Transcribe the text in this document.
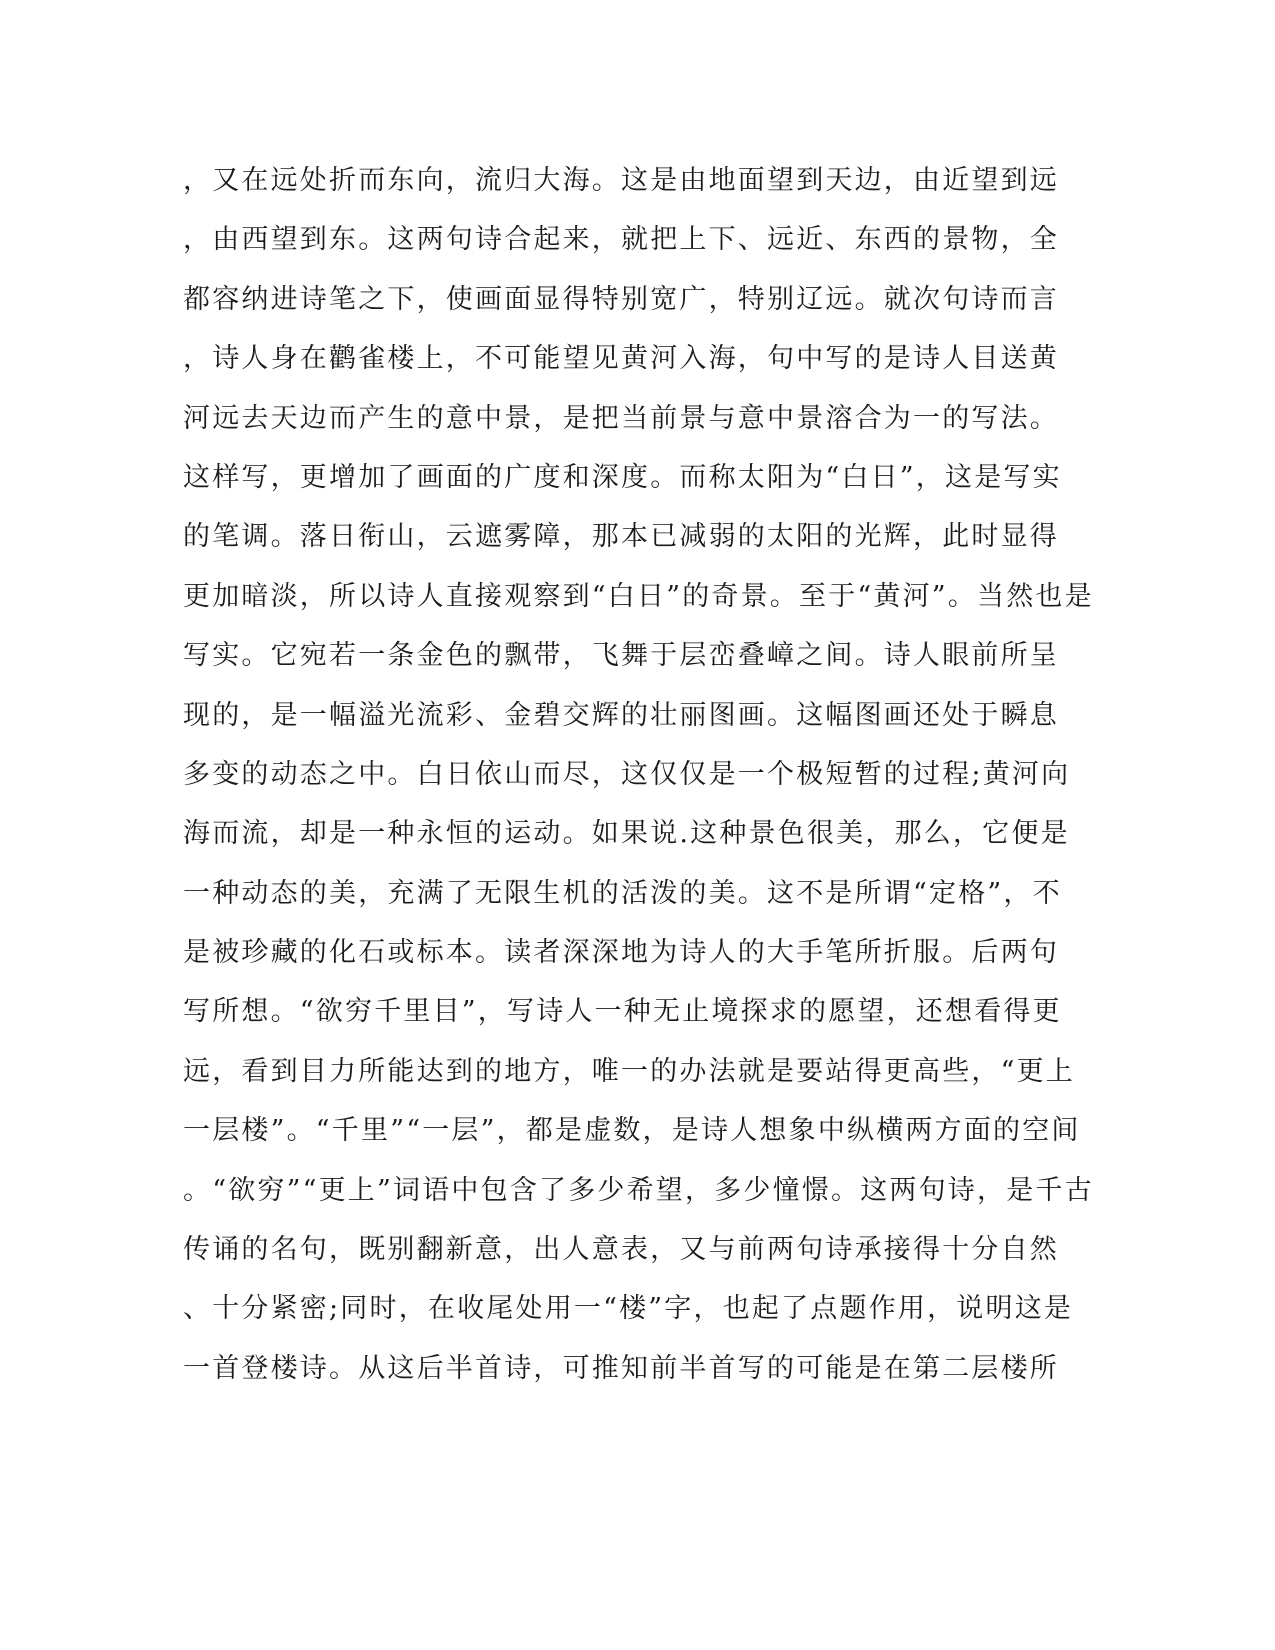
，又在远处折而东向，流归大海。这是由地面望到天边，由近望到远
，由西望到东。这两句诗合起来，就把上下、远近、东西的景物，全
都容纳进诗笔之下，使画面显得特别宽广，特别辽远。就次句诗而言
，诗人身在鹳雀楼上，不可能望见黄河入海，句中写的是诗人目送黄
河远去天边而产生的意中景，是把当前景与意中景溶合为一的写法。
这样写，更增加了画面的广度和深度。而称太阳为“白日”，这是写实
的笔调。落日衔山，云遮雾障，那本已减弱的太阳的光辉，此时显得
更加暗淡，所以诗人直接观察到“白日”的奇景。至于“黄河”。当然也是
写实。它宛若一条金色的飘带，飞舞于层峦叠嶂之间。诗人眼前所呈
现的，是一幅溢光流彩、金碧交辉的壮丽图画。这幅图画还处于瞬息
多变的动态之中。白日依山而尽，这仅仅是一个极短暂的过程;黄河向
海而流，却是一种永恒的运动。如果说.这种景色很美，那么，它便是
一种动态的美，充满了无限生机的活泼的美。这不是所谓“定格”，不
是被珍藏的化石或标本。读者深深地为诗人的大手笔所折服。后两句
写所想。“欲穷千里目”，写诗人一种无止境探求的愿望，还想看得更
远，看到目力所能达到的地方，唯一的办法就是要站得更高些，“更上
一层楼”。“千里”“一层”，都是虚数，是诗人想象中纵横两方面的空间
。“欲穷”“更上”词语中包含了多少希望，多少憧憬。这两句诗，是千古
传诵的名句，既别翻新意，出人意表，又与前两句诗承接得十分自然
、十分紧密;同时，在收尾处用一“楼”字，也起了点题作用，说明这是
一首登楼诗。从这后半首诗，可推知前半首写的可能是在第二层楼所
